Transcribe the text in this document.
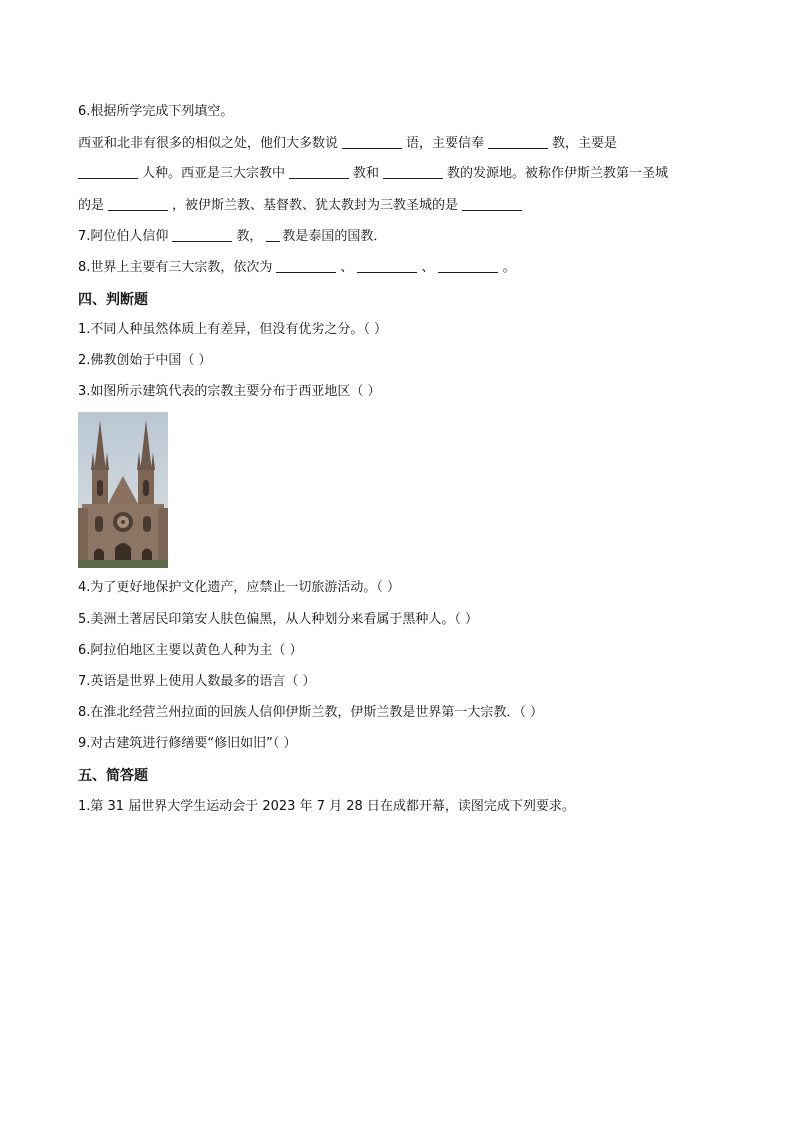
6.根据所学完成下列填空。
西亚和北非有很多的相似之处，他们大多数说	语，主要信奉	教，主要是
人种。西亚是三大宗教中	教和	教的发源地。被称作伊斯兰教第一圣城
的是	，被伊斯兰教、基督教、犹太教封为三教圣城的是
7.阿位伯人信仰	教， 教是泰国的国教．
8.世界上主要有三大宗教，依次为	、	、	。
四、判断题
1.不同人种虽然体质上有差异，但没有优劣之分。（ ）
2.佛教创始于中国（ ）
3.如图所示建筑代表的宗教主要分布于西亚地区（ ）
4.为了更好地保护文化遗产，应禁止一切旅游活动。（ ）
5.美洲土著居民印第安人肤色偏黑，从人种划分来看属于黑种人。（ ）
6.阿拉伯地区主要以黄色人种为主（ ）
7.英语是世界上使用人数最多的语言（ ）
8.在淮北经营兰州拉面的回族人信仰伊斯兰教，伊斯兰教是世界第一大宗教．（ ）
9.对古建筑进行修缮要“修旧如旧”（ ）
五、简答题
1.第 31 届世界大学生运动会于 2023 年 7 月 28 日在成都开幕，读图完成下列要求。
